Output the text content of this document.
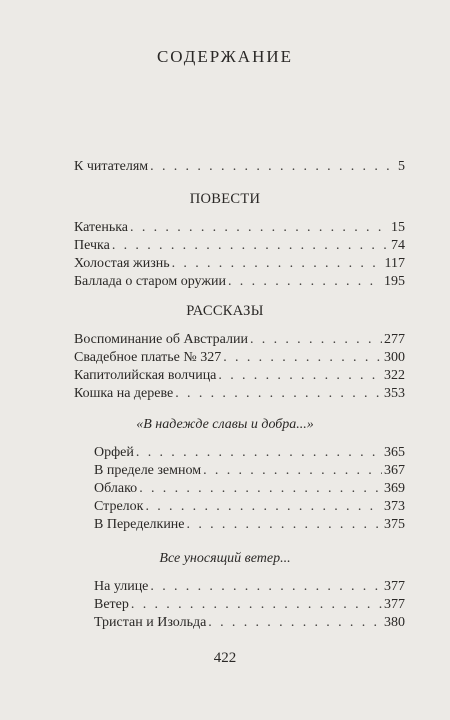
СОДЕРЖАНИЕ
К читателям . . .	5
ПОВЕСТИ
Катенька . . .	15
Печка . . .	74
Холостая жизнь . . .	117
Баллада о старом оружии . . .	195
РАССКАЗЫ
Воспоминание об Австралии . . .	277
Свадебное платье № 327 . . .	300
Капитолийская волчица . . .	322
Кошка на дереве . . .	353
«В надежде славы и добра...»
Орфей . . .	365
В пределе земном . . .	367
Облако . . .	369
Стрелок . . .	373
В Переделкине . . .	375
Все уносящий ветер...
На улице . . .	377
Ветер . . .	377
Тристан и Изольда . . .	380
422
